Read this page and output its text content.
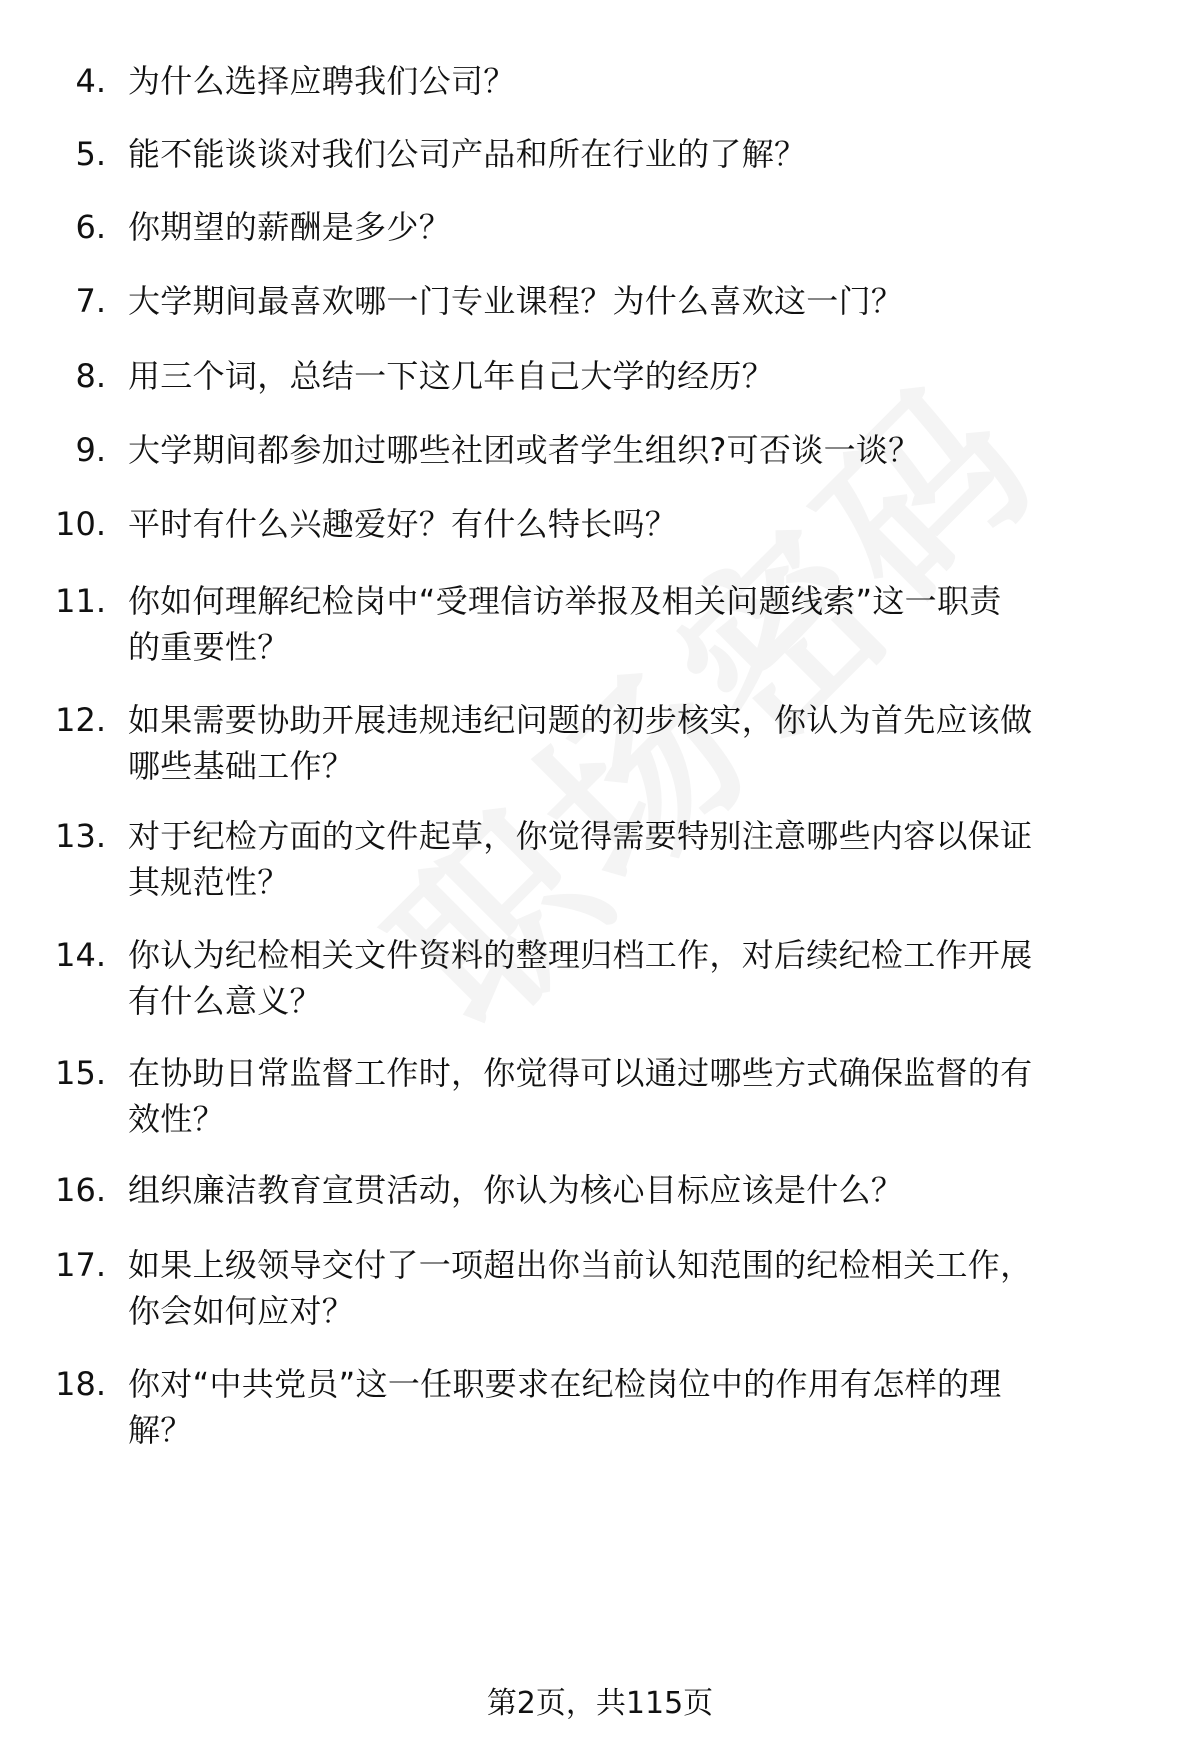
4. 为什么选择应聘我们公司？
5. 能不能谈谈对我们公司产品和所在行业的了解？
6. 你期望的薪酬是多少？
7. 大学期间最喜欢哪一门专业课程？为什么喜欢这一门？
8. 用三个词，总结一下这几年自己大学的经历？
9. 大学期间都参加过哪些社团或者学生组织?可否谈一谈？
10. 平时有什么兴趣爱好？有什么特长吗？
11. 你如何理解纪检岗中“受理信访举报及相关问题线索”这一职责
的重要性？
12. 如果需要协助开展违规违纪问题的初步核实，你认为首先应该做
哪些基础工作？
13. 对于纪检方面的文件起草，你觉得需要特别注意哪些内容以保证
其规范性？
14. 你认为纪检相关文件资料的整理归档工作，对后续纪检工作开展
有什么意义？
15. 在协助日常监督工作时，你觉得可以通过哪些方式确保监督的有
效性？
16. 组织廉洁教育宣贯活动，你认为核心目标应该是什么？
17. 如果上级领导交付了一项超出你当前认知范围的纪检相关工作，
你会如何应对？
18. 你对“中共党员”这一任职要求在纪检岗位中的作用有怎样的理
解？
第2页，共115页
